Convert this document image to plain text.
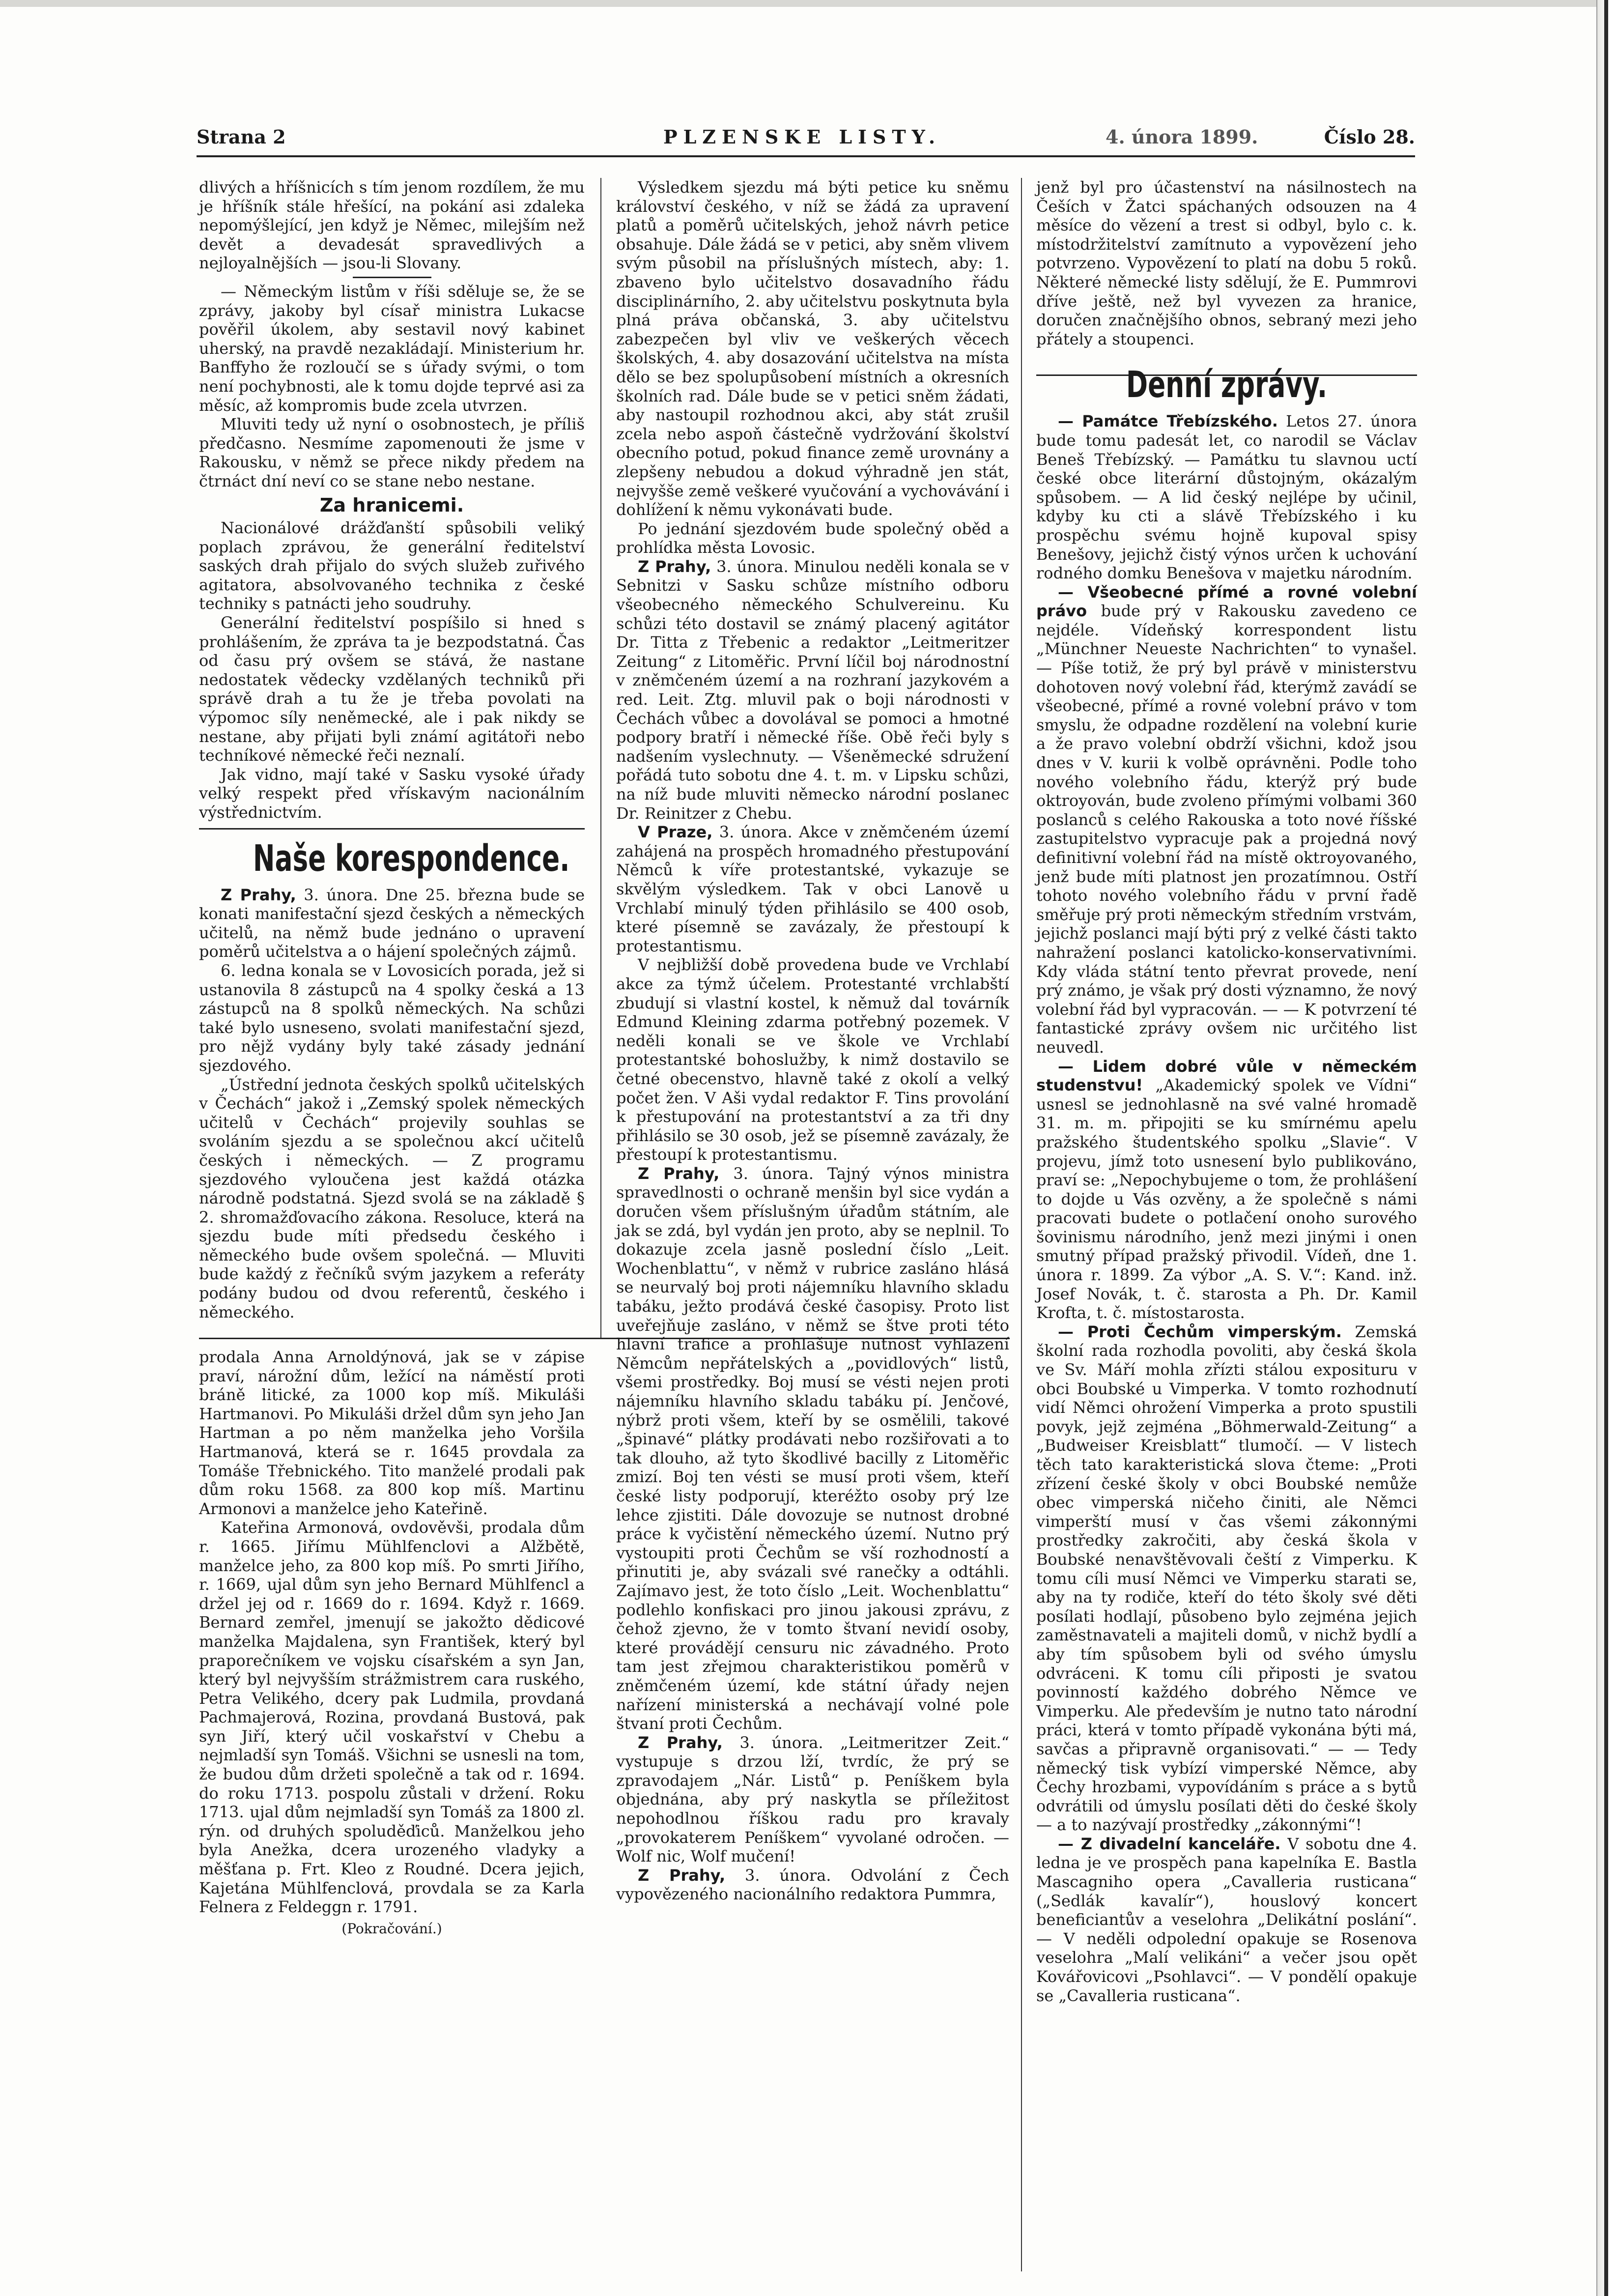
Strana 2	PLZENSKE LISTY.	4. února 1899.	Číslo 28.

dlivých a hříšnicích s tím jenom rozdílem, že mu je hříšník stále hřešící, na pokání asi zdaleka nepomýšlející, jen když je Němec, milejším než devět a devadesát spravedlivých a nejloyalnějších — jsou-li Slovany.

— Německým listům v říši sděluje se, že se zprávy, jakoby byl císař ministra Lukacse pověřil úkolem, aby sestavil nový kabinet uherský, na pravdě nezakládají. Ministerium hr. Banffyho že rozloučí se s úřady svými, o tom není pochybnosti, ale k tomu dojde teprvé asi za měsíc, až kompromis bude zcela utvrzen.

Mluviti tedy už nyní o osobnostech, je příliš předčasno. Nesmíme zapomenouti že jsme v Rakousku, v němž se přece nikdy předem na čtrnáct dní neví co se stane nebo nestane.

Za hranicemi.

Nacionálové drážďanští spůsobili veliký poplach zprávou, že generální ředitelství saských drah přijalo do svých služeb zuřivého agitatora, absolvovaného technika z české techniky s patnácti jeho soudruhy.

Generální ředitelství pospíšilo si hned s prohlášením, že zpráva ta je bezpodstatná. Čas od času prý ovšem se stává, že nastane nedostatek vědecky vzdělaných techniků při správě drah a tu že je třeba povolati na výpomoc síly neněmecké, ale i pak nikdy se nestane, aby přijati byli známí agitátoři nebo techníkové německé řeči neznalí.

Jak vidno, mají také v Sasku vysoké úřady velký respekt před vřískavým nacionálním výstřednictvím.

Naše korespondence.

Z Prahy, 3. února. Dne 25. března bude se konati manifestační sjezd českých a německých učitelů, na němž bude jednáno o upravení poměrů učitelstva a o hájení společných zájmů.

6. ledna konala se v Lovosicích porada, jež si ustanovila 8 zástupců na 4 spolky česká a 13 zástupců na 8 spolků německých. Na schůzi také bylo usneseno, svolati manifestační sjezd, pro nějž vydány byly také zásady jednání sjezdového.

„Ústřední jednota českých spolků učitelských v Čechách“ jakož i „Zemský spolek německých učitelů v Čechách“ projevily souhlas se svoláním sjezdu a se společnou akcí učitelů českých i německých. — Z programu sjezdového vyloučena jest každá otázka národně podstatná. Sjezd svolá se na základě § 2. shromažďovacího zákona. Resoluce, která na sjezdu bude míti předsedu českého i německého bude ovšem společná. — Mluviti bude každý z řečníků svým jazykem a referáty podány budou od dvou referentů, českého i německého.

Výsledkem sjezdu má býti petice ku sněmu království českého, v níž se žádá za upravení platů a poměrů učitelských, jehož návrh petice obsahuje. Dále žádá se v petici, aby sněm vlivem svým působil na příslušných místech, aby: 1. zbaveno bylo učitelstvo dosavadního řádu disciplinárního, 2. aby učitelstvu poskytnuta byla plná práva občanská, 3. aby učitelstvu zabezpečen byl vliv ve veškerých věcech školských, 4. aby dosazování učitelstva na místa dělo se bez spolupůsobení místních a okresních školních rad. Dále bude se v petici sněm žádati, aby nastoupil rozhodnou akci, aby stát zrušil zcela nebo aspoň částečně vydržování školství obecního potud, pokud finance země urovnány a zlepšeny nebudou a dokud výhradně jen stát, nejvyšše země veškeré vyučování a vychovávání i dohlížení k němu vykonávati bude.

Po jednání sjezdovém bude společný oběd a prohlídka města Lovosic.

Z Prahy, 3. února. Minulou neděli konala se v Sebnitzi v Sasku schůze místního odboru všeobecného německého Schulvereinu. Ku schůzi této dostavil se známý placený agitátor Dr. Titta z Třebenic a redaktor „Leitmeritzer Zeitung“ z Litoměřic. První líčil boj národnostní v zněmčeném území a na rozhraní jazykovém a red. Leit. Ztg. mluvil pak o boji národnosti v Čechách vůbec a dovolával se pomoci a hmotné podpory bratří i německé říše. Obě řeči byly s nadšením vyslechnuty. — Všeněmecké sdružení pořádá tuto sobotu dne 4. t. m. v Lipsku schůzi, na níž bude mluviti německo národní poslanec Dr. Reinitzer z Chebu.

V Praze, 3. února. Akce v zněmčeném území zahájená na prospěch hromadného přestupování Němců k víře protestantské, vykazuje se skvělým výsledkem. Tak v obci Lanově u Vrchlabí minulý týden přihlásilo se 400 osob, které písemně se zavázaly, že přestoupí k protestantismu.

V nejbližší době provedena bude ve Vrchlabí akce za týmž účelem. Protestanté vrchlabští zbudují si vlastní kostel, k němuž dal továrník Edmund Kleining zdarma potřebný pozemek. V neděli konali se ve škole ve Vrchlabí protestantské bohoslužby, k nimž dostavilo se četné obecenstvo, hlavně také z okolí a velký počet žen. V Aši vydal redaktor F. Tins provolání k přestupování na protestantství a za tři dny přihlásilo se 30 osob, jež se písemně zavázaly, že přestoupí k protestantismu.

Z Prahy, 3. února. Tajný výnos ministra spravedlnosti o ochraně menšin byl sice vydán a doručen všem příslušným úřadům státním, ale jak se zdá, byl vydán jen proto, aby se neplnil. To dokazuje zcela jasně poslední číslo „Leit. Wochenblattu“, v němž v rubrice zasláno hlásá se neurvalý boj proti nájemníku hlavního skladu tabáku, ježto prodává české časopisy. Proto list uveřejňuje zasláno, v němž se štve proti této hlavní trafice a prohlašuje nutnost vyhlazení Němcům nepřátelských a „povidlových“ listů, všemi prostředky. Boj musí se vésti nejen proti nájemníku hlavního skladu tabáku pí. Jenčové, nýbrž proti všem, kteří by se osmělili, takové „špinavé“ plátky prodávati nebo rozšiřovati a to tak dlouho, až tyto škodlivé bacilly z Litoměřic zmizí. Boj ten vésti se musí proti všem, kteří české listy podporují, kteréžto osoby prý lze lehce zjistiti. Dále dovozuje se nutnost drobné práce k vyčistění německého území. Nutno prý vystoupiti proti Čechům se vší rozhodností a přinutiti je, aby svázali své ranečky a odtáhli. Zajímavo jest, že toto číslo „Leit. Wochenblattu“ podlehlo konfiskaci pro jinou jakousi zprávu, z čehož zjevno, že v tomto štvaní nevidí osoby, které provádějí censuru nic závadného. Proto tam jest zřejmou charakteristikou poměrů v zněmčeném území, kde státní úřady nejen nařízení ministerská a nechávají volné pole štvaní proti Čechům.

Z Prahy, 3. února. „Leitmeritzer Zeit.“ vystupuje s drzou lží, tvrdíc, že prý se zpravodajem „Nár. Listů“ p. Peníškem byla objednána, aby prý naskytla se příležitost nepohodlnou říškou radu pro kravaly „provokaterem Peníškem“ vyvolané odročen. — Wolf nic, Wolf mučení!

Z Prahy, 3. února. Odvolání z Čech vypovězeného nacionálního redaktora Pummra,

jenž byl pro účastenství na násilnostech na Češích v Žatci spáchaných odsouzen na 4 měsíce do vězení a trest si odbyl, bylo c. k. místodržitelství zamítnuto a vypovězení jeho potvrzeno. Vypovězení to platí na dobu 5 roků. Některé německé listy sdělují, že E. Pummrovi dříve ještě, než byl vyvezen za hranice, doručen značnějšího obnos, sebraný mezi jeho přátely a stoupenci.

Denní zprávy.

— Památce Třebízského. Letos 27. února bude tomu padesát let, co narodil se Václav Beneš Třebízský. — Památku tu slavnou uctí české obce literární důstojným, okázalým spůsobem. — A lid český nejlépe by učinil, kdyby ku cti a slávě Třebízského i ku prospěchu svému hojně kupoval spisy Benešovy, jejichž čistý výnos určen k uchování rodného domku Benešova v majetku národním.

— Všeobecné přímé a rovné volební právo bude prý v Rakousku zavedeno ce nejdéle. Vídeňský korrespondent listu „Münchner Neueste Nachrichten“ to vynašel. — Píše totiž, že prý byl právě v ministerstvu dohotoven nový volební řád, kterýmž zavádí se všeobecné, přímé a rovné volební právo v tom smyslu, že odpadne rozdělení na volební kurie a že pravo volební obdrží všichni, kdož jsou dnes v V. kurii k volbě oprávněni. Podle toho nového volebního řádu, kterýž prý bude oktroyován, bude zvoleno přímými volbami 360 poslanců s celého Rakouska a toto nové říšské zastupitelstvo vypracuje pak a projedná nový definitivní volební řád na místě oktroyovaného, jenž bude míti platnost jen prozatímnou. Ostří tohoto nového volebního řádu v první řadě směřuje prý proti německým středním vrstvám, jejichž poslanci mají býti prý z velké části takto nahražení poslanci katolicko-konservativními. Kdy vláda státní tento převrat provede, není prý známo, je však prý dosti významno, že nový volební řád byl vypracován. — — K potvrzení té fantastické zprávy ovšem nic určitého list neuvedl.

— Lidem dobré vůle v německém studenstvu! „Akademický spolek ve Vídni“ usnesl se jednohlasně na své valné hromadě 31. m. m. připojiti se ku smírnému apelu pražského študentského spolku „Slavie“. V projevu, jímž toto usnesení bylo publikováno, praví se: „Nepochybujeme o tom, že prohlášení to dojde u Vás ozvěny, a že společně s námi pracovati budete o potlačení onoho surového šovinismu národního, jenž mezi jinými i onen smutný případ pražský přivodil. Vídeň, dne 1. února r. 1899. Za výbor „A. S. V.“: Kand. inž. Josef Novák, t. č. starosta a Ph. Dr. Kamil Krofta, t. č. místostarosta.

— Proti Čechům vimperským. Zemská školní rada rozhodla povoliti, aby česká škola ve Sv. Máří mohla zřízti stálou exposituru v obci Boubské u Vimperka. V tomto rozhodnutí vidí Němci ohrožení Vimperka a proto spustili povyk, jejž zejména „Böhmerwald-Zeitung“ a „Budweiser Kreisblatt“ tlumočí. — V listech těch tato karakteristická slova čteme: „Proti zřízení české školy v obci Boubské nemůže obec vimperská ničeho činiti, ale Němci vimperští musí v čas všemi zákonnými prostředky zakročiti, aby česká škola v Boubské nenavštěvovali čeští z Vimperku. K tomu cíli musí Němci ve Vimperku starati se, aby na ty rodiče, kteří do této školy své děti posílati hodlají, působeno bylo zejména jejich zaměstnavateli a majiteli domů, v nichž bydlí a aby tím spůsobem byli od svého úmyslu odvráceni. K tomu cíli připosti je svatou povinností každého dobrého Němce ve Vimperku. Ale především je nutno tato národní práci, která v tomto případě vykonána býti má, savčas a připravně organisovati.“ — — Tedy německý tisk vybízí vimperské Němce, aby Čechy hrozbami, vypovídáním s práce a s bytů odvrátili od úmyslu posílati děti do české školy — a to nazývají prostředky „zákonnými“!

— Z divadelní kanceláře. V sobotu dne 4. ledna je ve prospěch pana kapelníka E. Bastla Mascagniho opera „Cavalleria rusticana“ („Sedlák kavalír“), houslový koncert beneficiantův a veselohra „Delikátní poslání“. — V neděli odpolední opakuje se Rosenova veselohra „Malí velikáni“ a večer jsou opět Kovářovicovi „Psohlavci“. — V pondělí opakuje se „Cavalleria rusticana“.

prodala Anna Arnoldýnová, jak se v zápise praví, nárožní dům, ležící na náměstí proti bráně litické, za 1000 kop míš. Mikuláši Hartmanovi. Po Mikuláši držel dům syn jeho Jan Hartman a po něm manželka jeho Voršila Hartmanová, která se r. 1645 provdala za Tomáše Třebnického. Tito manželé prodali pak dům roku 1568. za 800 kop míš. Martinu Armonovi a manželce jeho Kateřině.

Kateřina Armonová, ovdověvši, prodala dům r. 1665. Jiřímu Mühlfenclovi a Alžbětě, manželce jeho, za 800 kop míš. Po smrti Jiřího, r. 1669, ujal dům syn jeho Bernard Mühlfencl a držel jej od r. 1669 do r. 1694. Když r. 1669. Bernard zemřel, jmenují se jakožto dědicové manželka Majdalena, syn František, který byl praporečníkem ve vojsku císařském a syn Jan, který byl nejvyšším strážmistrem cara ruského, Petra Velikého, dcery pak Ludmila, provdaná Pachmajerová, Rozina, provdaná Bustová, pak syn Jiří, který učil voskařství v Chebu a nejmladší syn Tomáš. Všichni se usnesli na tom, že budou dům držeti společně a tak od r. 1694. do roku 1713. pospolu zůstali v držení. Roku 1713. ujal dům nejmladší syn Tomáš za 1800 zl. rýn. od druhých spoluděďiců. Manželkou jeho byla Anežka, dcera urozeného vladyky a měšťana p. Frt. Kleo z Roudné. Dcera jejich, Kajetána Mühlfenclová, provdala se za Karla Felnera z Feldeggn r. 1791.

(Pokračování.)
